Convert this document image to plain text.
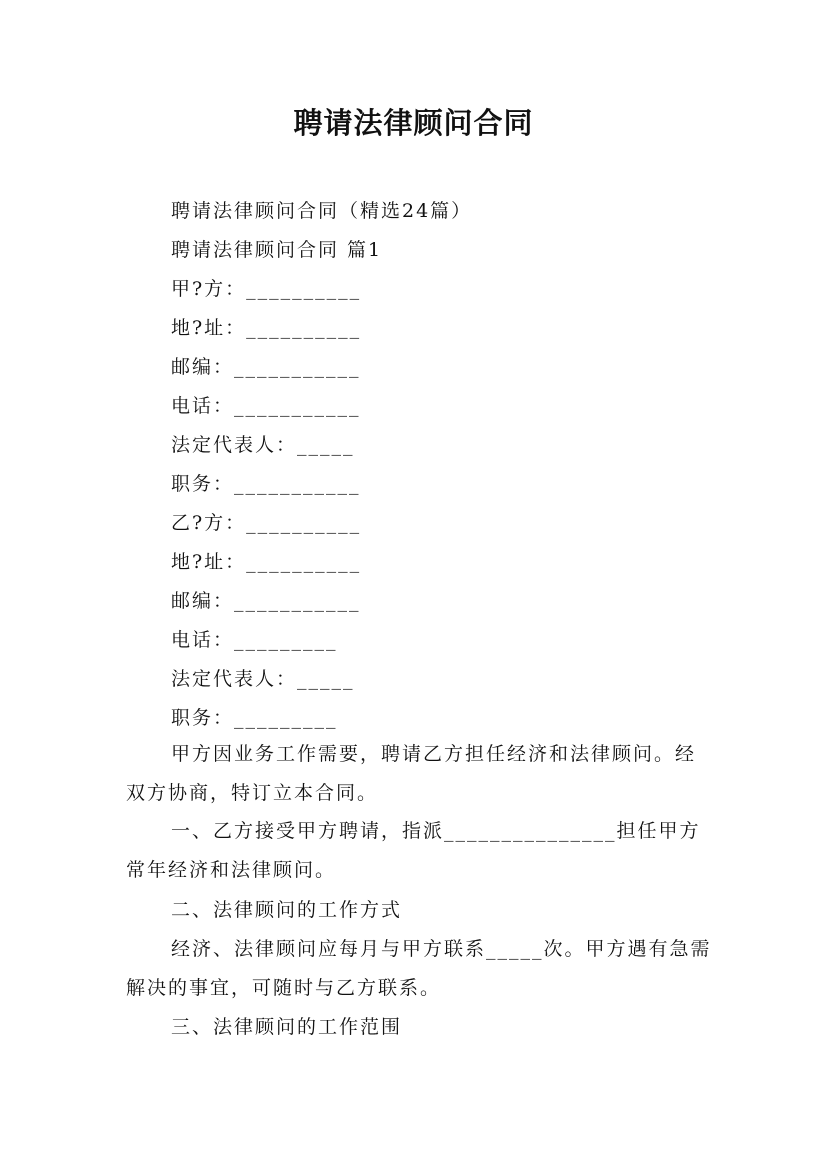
聘请法律顾问合同
聘请法律顾问合同（精选24篇）
聘请法律顾问合同 篇1
甲?方：__________
地?址：__________
邮编：___________
电话：___________
法定代表人：_____
职务：___________
乙?方：__________
地?址：__________
邮编：___________
电话：_________
法定代表人：_____
职务：_________
甲方因业务工作需要，聘请乙方担任经济和法律顾问。经双方协商，特订立本合同。
一、乙方接受甲方聘请，指派_______________担任甲方常年经济和法律顾问。
二、法律顾问的工作方式
经济、法律顾问应每月与甲方联系_____次。甲方遇有急需解决的事宜，可随时与乙方联系。
三、法律顾问的工作范围
